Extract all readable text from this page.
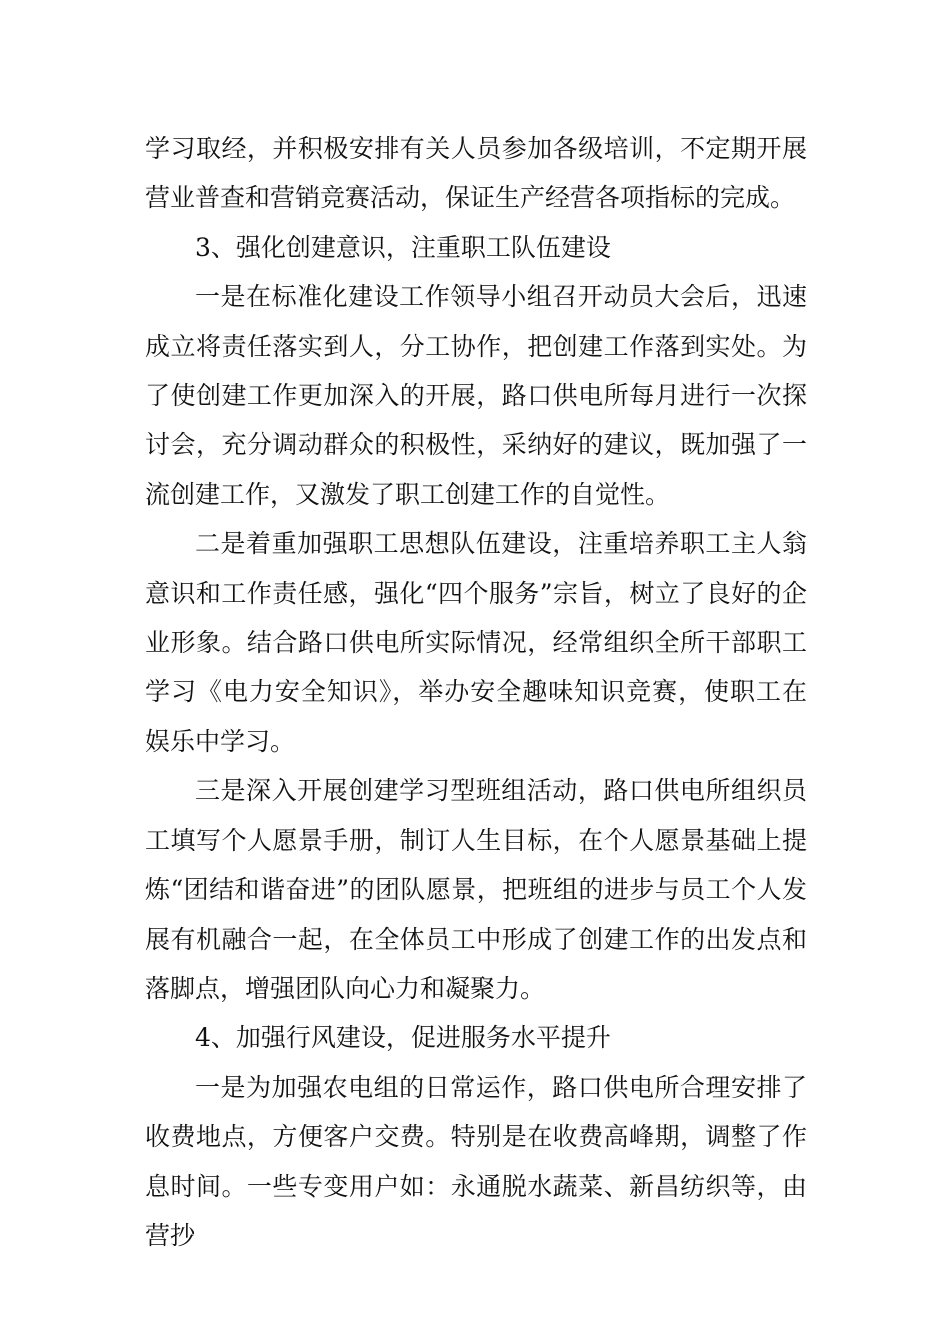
学习取经，并积极安排有关人员参加各级培训，不定期开展营业普查和营销竞赛活动，保证生产经营各项指标的完成。

3、强化创建意识，注重职工队伍建设

一是在标准化建设工作领导小组召开动员大会后，迅速成立将责任落实到人，分工协作，把创建工作落到实处。为了使创建工作更加深入的开展，路口供电所每月进行一次探讨会，充分调动群众的积极性，采纳好的建议，既加强了一流创建工作，又激发了职工创建工作的自觉性。

二是着重加强职工思想队伍建设，注重培养职工主人翁意识和工作责任感，强化“四个服务”宗旨，树立了良好的企业形象。结合路口供电所实际情况，经常组织全所干部职工学习《电力安全知识》，举办安全趣味知识竞赛，使职工在娱乐中学习。

三是深入开展创建学习型班组活动，路口供电所组织员工填写个人愿景手册，制订人生目标，在个人愿景基础上提炼“团结和谐奋进”的团队愿景，把班组的进步与员工个人发展有机融合一起，在全体员工中形成了创建工作的出发点和落脚点，增强团队向心力和凝聚力。

4、加强行风建设，促进服务水平提升

一是为加强农电组的日常运作，路口供电所合理安排了收费地点，方便客户交费。特别是在收费高峰期，调整了作息时间。一些专变用户如：永通脱水蔬菜、新昌纺织等，由营抄
